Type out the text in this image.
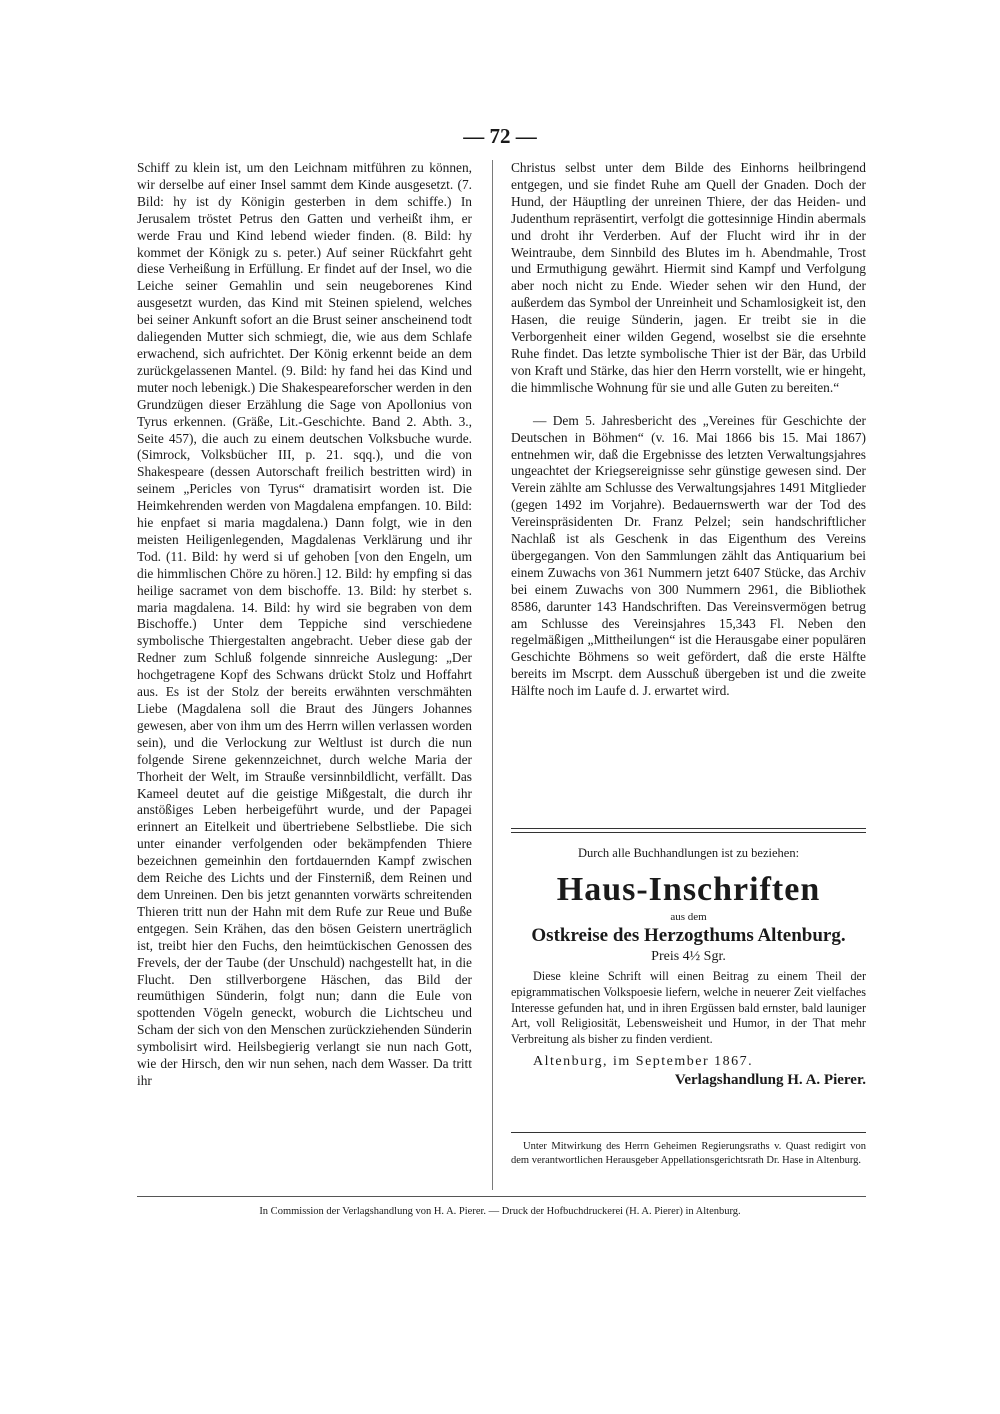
— 72 —

Schiff zu klein ist, um den Leichnam mitführen zu können, wir derselbe auf einer Insel sammt dem Kinde ausgesetzt. (7. Bild: hy ist dy Königin gesterben in dem schiffe.) In Jerusalem tröstet Petrus den Gatten und verheißt ihm, er werde Frau und Kind lebend wieder finden. (8. Bild: hy kommet der Königk zu s. peter.) Auf seiner Rückfahrt geht diese Verheißung in Erfüllung. Er findet auf der Insel, wo die Leiche seiner Gemahlin und sein neugeborenes Kind ausgesetzt wurden, das Kind mit Steinen spielend, welches bei seiner Ankunft sofort an die Brust seiner anscheinend todt daliegenden Mutter sich schmiegt, die, wie aus dem Schlafe erwachend, sich aufrichtet. Der König erkennt beide an dem zurückgelassenen Mantel. (9. Bild: hy fand hei das Kind und muter noch lebenigk.) Die Shakespeareforscher werden in den Grundzügen dieser Erzählung die Sage von Apollonius von Tyrus erkennen. (Gräße, Lit.-Geschichte. Band 2. Abth. 3., Seite 457), die auch zu einem deutschen Volksbuche wurde. (Simrock, Volksbücher III, p. 21. sqq.), und die von Shakespeare (dessen Autorschaft freilich bestritten wird) in seinem „Pericles von Tyrus“ dramatisirt worden ist. Die Heimkehrenden werden von Magdalena empfangen. 10. Bild: hie enpfaet si maria magdalena.) Dann folgt, wie in den meisten Heiligenlegenden, Magdalenas Verklärung und ihr Tod. (11. Bild: hy werd si uf gehoben [von den Engeln, um die himmlischen Chöre zu hören.] 12. Bild: hy empfing si das heilige sacramet von dem bischoffe. 13. Bild: hy sterbet s. maria magdalena. 14. Bild: hy wird sie begraben von dem Bischoffe.) Unter dem Teppiche sind verschiedene symbolische Thiergestalten angebracht. Ueber diese gab der Redner zum Schluß folgende sinnreiche Auslegung: „Der hochgetragene Kopf des Schwans drückt Stolz und Hoffahrt aus. Es ist der Stolz der bereits erwähnten verschmähten Liebe (Magdalena soll die Braut des Jüngers Johannes gewesen, aber von ihm um des Herrn willen verlassen worden sein), und die Verlockung zur Weltlust ist durch die nun folgende Sirene gekennzeichnet, durch welche Maria der Thorheit der Welt, im Strauße versinnbildlicht, verfällt. Das Kameel deutet auf die geistige Mißgestalt, die durch ihr anstößiges Leben herbeigeführt wurde, und der Papagei erinnert an Eitelkeit und übertriebene Selbstliebe. Die sich unter einander verfolgenden oder bekämpfenden Thiere bezeichnen gemeinhin den fortdauernden Kampf zwischen dem Reiche des Lichts und der Finsterniß, dem Reinen und dem Unreinen. Den bis jetzt genannten vorwärts schreitenden Thieren tritt nun der Hahn mit dem Rufe zur Reue und Buße entgegen. Sein Krähen, das den bösen Geistern unerträglich ist, treibt hier den Fuchs, den heimtückischen Genossen des Frevels, der der Taube (der Unschuld) nachgestellt hat, in die Flucht. Den stillverborgene Häschen, das Bild der reumüthigen Sünderin, folgt nun; dann die Eule von spottenden Vögeln geneckt, woburch die Lichtscheu und Scham der sich von den Menschen zurückziehenden Sünderin symbolisirt wird. Heilsbegierig verlangt sie nun nach Gott, wie der Hirsch, den wir nun sehen, nach dem Wasser. Da tritt ihr

Christus selbst unter dem Bilde des Einhorns heilbringend entgegen, und sie findet Ruhe am Quell der Gnaden. Doch der Hund, der Häuptling der unreinen Thiere, der das Heiden- und Judenthum repräsentirt, verfolgt die gottesinnige Hindin abermals und droht ihr Verderben. Auf der Flucht wird ihr in der Weintraube, dem Sinnbild des Blutes im h. Abendmahle, Trost und Ermuthigung gewährt. Hiermit sind Kampf und Verfolgung aber noch nicht zu Ende. Wieder sehen wir den Hund, der außerdem das Symbol der Unreinheit und Schamlosigkeit ist, den Hasen, die reuige Sünderin, jagen. Er treibt sie in die Verborgenheit einer wilden Gegend, woselbst sie die ersehnte Ruhe findet. Das letzte symbolische Thier ist der Bär, das Urbild von Kraft und Stärke, das hier den Herrn vorstellt, wie er hingeht, die himmlische Wohnung für sie und alle Guten zu bereiten.“

— Dem 5. Jahresbericht des „Vereines für Geschichte der Deutschen in Böhmen“ (v. 16. Mai 1866 bis 15. Mai 1867) entnehmen wir, daß die Ergebnisse des letzten Verwaltungsjahres ungeachtet der Kriegsereignisse sehr günstige gewesen sind. Der Verein zählte am Schlusse des Verwaltungsjahres 1491 Mitglieder (gegen 1492 im Vorjahre). Bedauernswerth war der Tod des Vereinspräsidenten Dr. Franz Pelzel; sein handschriftlicher Nachlaß ist als Geschenk in das Eigenthum des Vereins übergegangen. Von den Sammlungen zählt das Antiquarium bei einem Zuwachs von 361 Nummern jetzt 6407 Stücke, das Archiv bei einem Zuwachs von 300 Nummern 2961, die Bibliothek 8586, darunter 143 Handschriften. Das Vereinsvermögen betrug am Schlusse des Vereinsjahres 15,343 Fl. Neben den regelmäßigen „Mittheilungen“ ist die Herausgabe einer populären Geschichte Böhmens so weit gefördert, daß die erste Hälfte bereits im Mscrpt. dem Ausschuß übergeben ist und die zweite Hälfte noch im Laufe d. J. erwartet wird.

Durch alle Buchhandlungen ist zu beziehen:
Haus-Inschriften
aus dem
Ostkreise des Herzogthums Altenburg.
Preis 4½ Sgr.

Diese kleine Schrift will einen Beitrag zu einem Theil der epigrammatischen Volkspoesie liefern, welche in neuerer Zeit vielfaches Interesse gefunden hat, und in ihren Ergüssen bald ernster, bald launiger Art, voll Religiosität, Lebensweisheit und Humor, in der That mehr Verbreitung als bisher zu finden verdient.

Altenburg, im September 1867.
Verlagshandlung H. A. Pierer.
Unter Mitwirkung des Herrn Geheimen Regierungsraths v. Quast redigirt von dem verantwortlichen Herausgeber Appellationsgerichtsrath Dr. Hase in Altenburg.
In Commission der Verlagshandlung von H. A. Pierer. — Druck der Hofbuchdruckerei (H. A. Pierer) in Altenburg.
